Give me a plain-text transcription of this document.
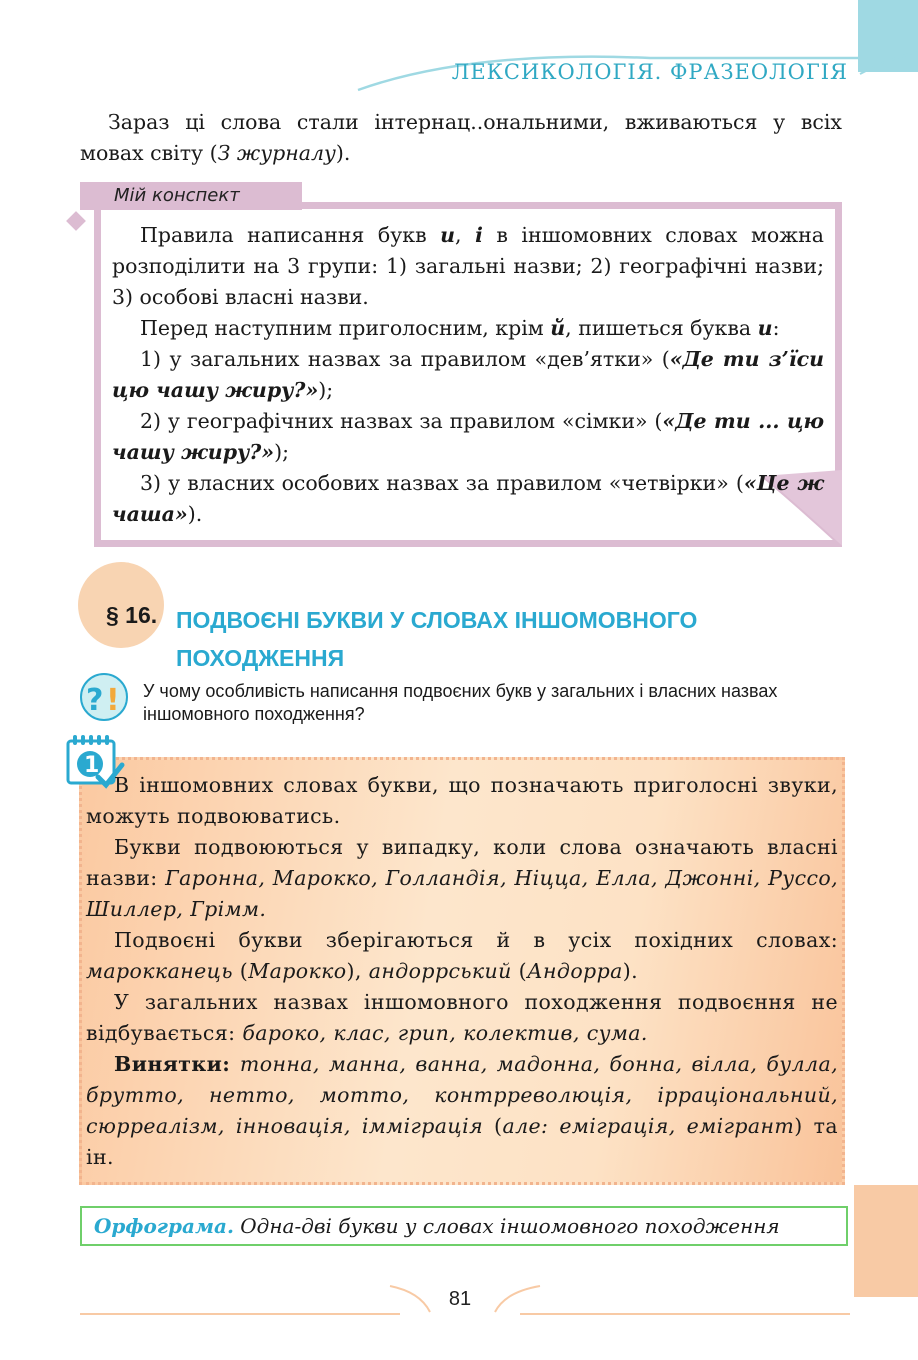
ЛЕКСИКОЛОГІЯ. ФРАЗЕОЛОГІЯ

Зараз ці слова стали інтернац..ональними, вживаються у всіх мовах світу (З журналу).

Мій конспект

Правила написання букв и, і в іншомовних словах можна розподілити на 3 групи: 1) загальні назви; 2) географічні назви; 3) особові власні назви.

Перед наступним приголосним, крім й, пишеться буква и:

1) у загальних назвах за правилом «дев’ятки» («Де ти з’їси цю чашу жиру?»);

2) у географічних назвах за правилом «сімки» («Де ти ... цю чашу жиру?»);

3) у власних особових назвах за правилом «четвірки» («Це ж чаша»).

§ 16. ПОДВОЄНІ БУКВИ У СЛОВАХ ІНШОМОВНОГО
ПОХОДЖЕННЯ
? ! У чому особливість написання подвоєних букв у загальних і власних назвах іншомовного походження?
1

В іншомовних словах букви, що позначають приголосні звуки, можуть подвоюватись.

Букви подвоюються у випадку, коли слова означають власні назви: Гаронна, Марокко, Голландія, Ніцца, Елла, Джонні, Руссо, Шиллер, Грімм.

Подвоєні букви зберігаються й в усіх похідних словах: марокканець (Марокко), андоррський (Андорра).

У загальних назвах іншомовного походження подвоєння не відбувається: бароко, клас, грип, колектив, сума.

Винятки: тонна, манна, ванна, мадонна, бонна, вілла, булла, брутто, нетто, мотто, контрреволюція, ірраціональний, сюрреалізм, інновація, імміграція (але: еміграція, емігрант) та ін.

Орфограма. Одна-дві букви у словах іншомовного походження
81
